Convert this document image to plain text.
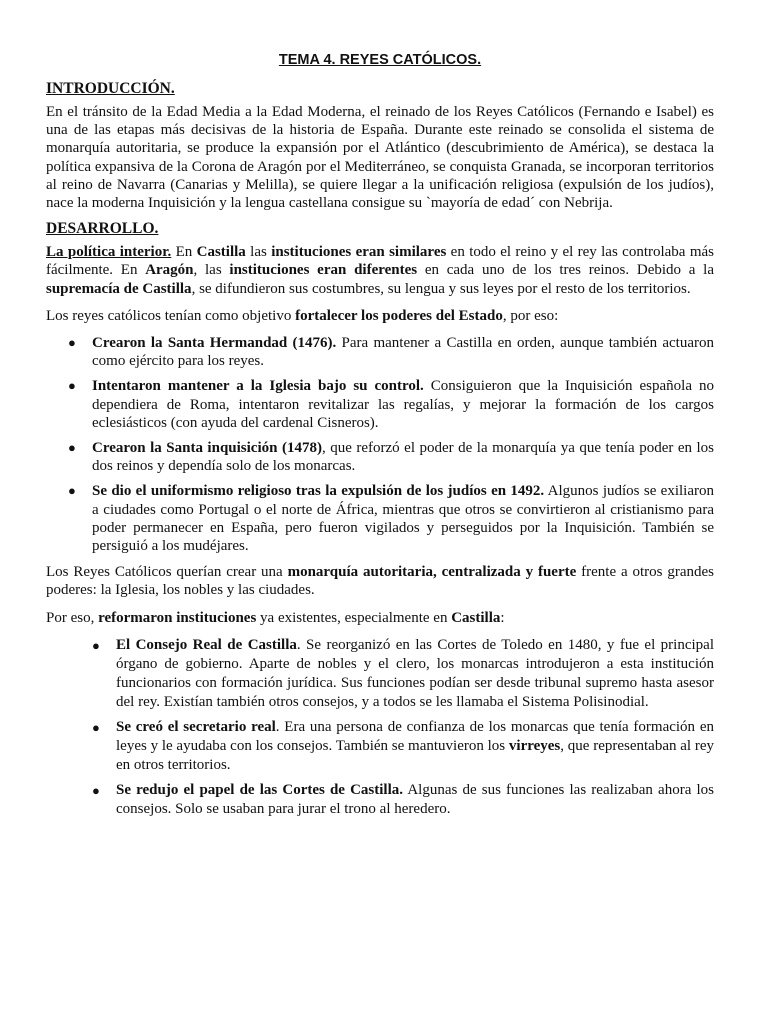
TEMA 4. REYES CATÓLICOS.
INTRODUCCIÓN.

En el tránsito de la Edad Media a la Edad Moderna, el reinado de los Reyes Católicos (Fernando e Isabel) es una de las etapas más decisivas de la historia de España. Durante este reinado se consolida el sistema de monarquía autoritaria, se produce la expansión por el Atlántico (descubrimiento de América), se destaca la política expansiva de la Corona de Aragón por el Mediterráneo, se conquista Granada, se incorporan territorios al reino de Navarra (Canarias y Melilla), se quiere llegar a la unificación religiosa (expulsión de los judíos), nace la moderna Inquisición y la lengua castellana consigue su `mayoría de edad´ con Nebrija.

DESARROLLO.

La política interior. En Castilla las instituciones eran similares en todo el reino y el rey las controlaba más fácilmente. En Aragón, las instituciones eran diferentes en cada uno de los tres reinos. Debido a la supremacía de Castilla, se difundieron sus costumbres, su lengua y sus leyes por el resto de los territorios.

Los reyes católicos tenían como objetivo fortalecer los poderes del Estado, por eso:

● Crearon la Santa Hermandad (1476). Para mantener a Castilla en orden, aunque también actuaron como ejército para los reyes.
● Intentaron mantener a la Iglesia bajo su control. Consiguieron que la Inquisición española no dependiera de Roma, intentaron revitalizar las regalías, y mejorar la formación de los cargos eclesiásticos (con ayuda del cardenal Cisneros).
● Crearon la Santa inquisición (1478), que reforzó el poder de la monarquía ya que tenía poder en los dos reinos y dependía solo de los monarcas.
● Se dio el uniformismo religioso tras la expulsión de los judíos en 1492. Algunos judíos se exiliaron a ciudades como Portugal o el norte de África, mientras que otros se convirtieron al cristianismo para poder permanecer en España, pero fueron vigilados y perseguidos por la Inquisición. También se persiguió a los mudéjares.

Los Reyes Católicos querían crear una monarquía autoritaria, centralizada y fuerte frente a otros grandes poderes: la Iglesia, los nobles y las ciudades.

Por eso, reformaron instituciones ya existentes, especialmente en Castilla:

● El Consejo Real de Castilla. Se reorganizó en las Cortes de Toledo en 1480, y fue el principal órgano de gobierno. Aparte de nobles y el clero, los monarcas introdujeron a esta institución funcionarios con formación jurídica. Sus funciones podían ser desde tribunal supremo hasta asesor del rey. Existían también otros consejos, y a todos se les llamaba el Sistema Polisinodial.
● Se creó el secretario real. Era una persona de confianza de los monarcas que tenía formación en leyes y le ayudaba con los consejos. También se mantuvieron los virreyes, que representaban al rey en otros territorios.
● Se redujo el papel de las Cortes de Castilla. Algunas de sus funciones las realizaban ahora los consejos. Solo se usaban para jurar el trono al heredero.
